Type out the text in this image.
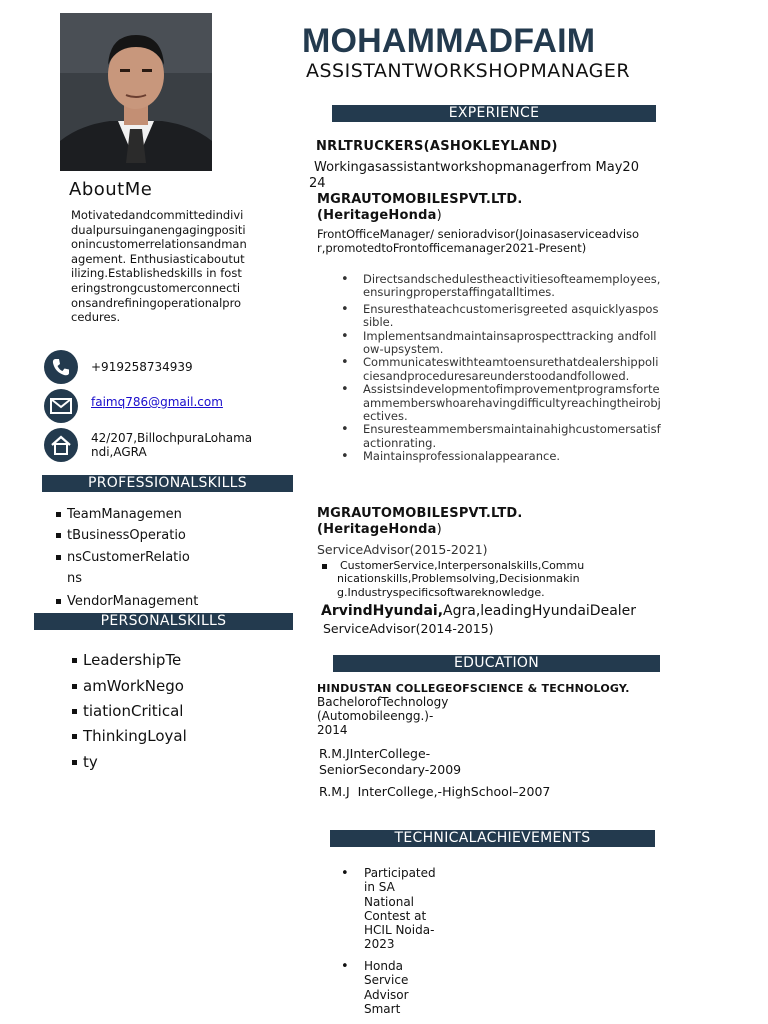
MOHAMMADFAIM
ASSISTANTWORKSHOPMANAGER
AboutMe
Motivatedandcommittedindividualpursuinganengagingpositionincustomerrelationsandmanagement. Enthusiasticaboututilizing.Establishedskills in fosteringstrongcustomerconnectionsandrefiningoperationalprocedures.
+919258734939
faimq786@gmail.com
42/207,BillochpuraLohamandi,AGRA
PROFESSIONALSKILLS
TeamManagemen
tBusinessOperatio
nsCustomerRelatio
ns
VendorManagement
PERSONALSKILLS
LeadershipTe
amWorkNego
tiationCritical
ThinkingLoyal
ty
EXPERIENCE
NRLTRUCKERS(ASHOKLEYLAND)
Workingasassistantworkshopmanagerfrom May2024
MGRAUTOMOBILESPVT.LTD.
(HeritageHonda)
FrontOfficeManager/ senioradvisor(Joinasaserviceadvisor,promotedtoFrontofficemanager2021-Present)
• Directsandschedulestheactivitiesofteamemployees,ensuringproperstaffingatalltimes.
• Ensuresthateachcustomerisgreeted asquicklyaspossible.
• Implementsandmaintainsaprospecttracking andfollow-upsystem.
• Communicateswithteamtoensurethatdealershippoliciesandproceduresareunderstoodandfollowed.
• Assistsindevelopmentofimprovementprogramsforteammemberswhoarehavingdifficultyreachingtheirobjectives.
• Ensuresteammembersmaintainahighcustomersatisfactionrating.
• Maintainsprofessionalappearance.
MGRAUTOMOBILESPVT.LTD.
(HeritageHonda)
ServiceAdvisor(2015-2021)
CustomerService,Interpersonalskills,Communicationskills,Problemsolving,Decisionmaking.Industryspecificsoftwareknowledge.
ArvindHyundai,Agra,leadingHyundaiDealer
ServiceAdvisor(2014-2015)
EDUCATION
HINDUSTAN COLLEGEOFSCIENCE & TECHNOLOGY.
BachelorofTechnology
(Automobileengg.)-
2014
R.M.JInterCollege-
SeniorSecondary-2009
R.M.J  InterCollege,-HighSchool–2007
TECHNICALACHIEVEMENTS
• Participated
in SA
National
Contest at
HCIL Noida-
2023
• Honda
Service
Advisor
Smart
